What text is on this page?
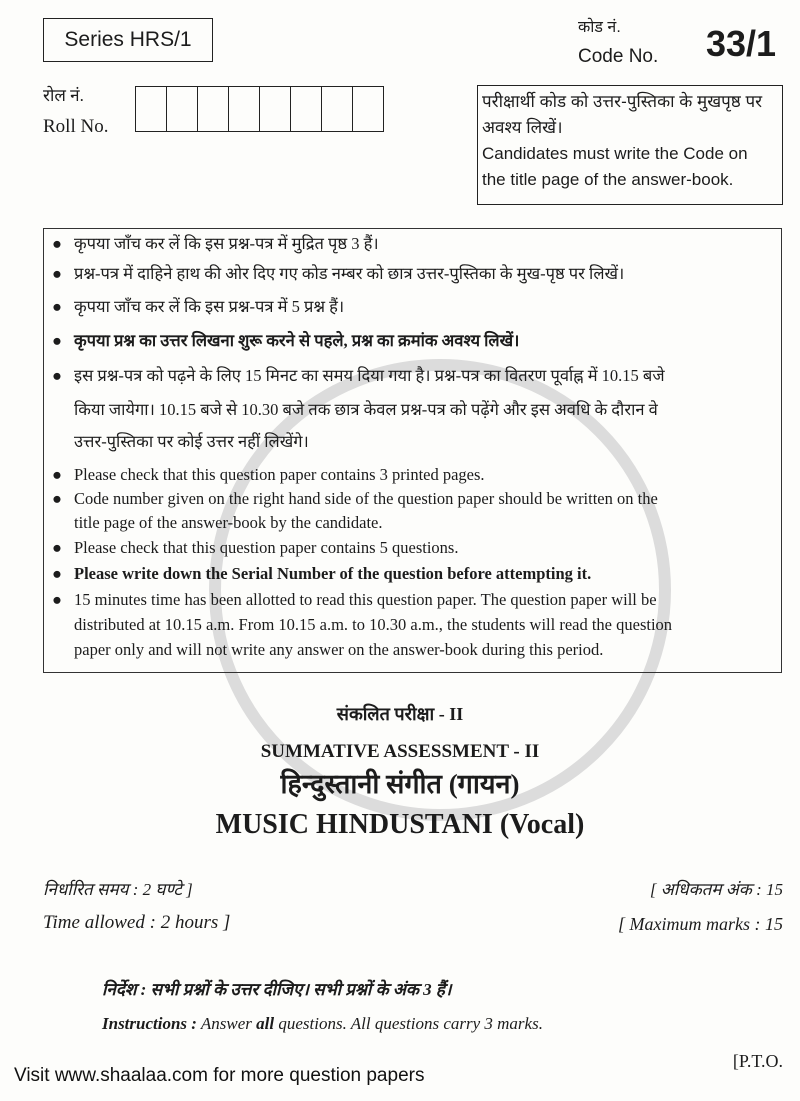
Series HRS/1
कोड नं.
Code No. 33/1
रोल नं.
Roll No.
परीक्षार्थी कोड को उत्तर-पुस्तिका के मुखपृष्ठ पर
अवश्य लिखें।
Candidates must write the Code on
the title page of the answer-book.
● कृपया जाँच कर लें कि इस प्रश्न-पत्र में मुद्रित पृष्ठ 3 हैं।
● प्रश्न-पत्र में दाहिने हाथ की ओर दिए गए कोड नम्बर को छात्र उत्तर-पुस्तिका के मुख-पृष्ठ पर लिखें।
● कृपया जाँच कर लें कि इस प्रश्न-पत्र में 5 प्रश्न हैं।
● कृपया प्रश्न का उत्तर लिखना शुरू करने से पहले, प्रश्न का क्रमांक अवश्य लिखें।
● इस प्रश्न-पत्र को पढ़ने के लिए 15 मिनट का समय दिया गया है। प्रश्न-पत्र का वितरण पूर्वाह्न में 10.15 बजे
किया जायेगा। 10.15 बजे से 10.30 बजे तक छात्र केवल प्रश्न-पत्र को पढ़ेंगे और इस अवधि के दौरान वे
उत्तर-पुस्तिका पर कोई उत्तर नहीं लिखेंगे।
● Please check that this question paper contains 3 printed pages.
● Code number given on the right hand side of the question paper should be written on the
title page of the answer-book by the candidate.
● Please check that this question paper contains 5 questions.
● Please write down the Serial Number of the question before attempting it.
● 15 minutes time has been allotted to read this question paper. The question paper will be
distributed at 10.15 a.m. From 10.15 a.m. to 10.30 a.m., the students will read the question
paper only and will not write any answer on the answer-book during this period.
संकलित परीक्षा - II
SUMMATIVE ASSESSMENT - II
हिन्दुस्तानी संगीत (गायन)
MUSIC HINDUSTANI (Vocal)
निर्धारित समय : 2 घण्टे ]	[ अधिकतम अंक : 15
Time allowed : 2 hours ]	[ Maximum marks : 15
निर्देश : सभी प्रश्नों के उत्तर दीजिए। सभी प्रश्नों के अंक 3 हैं।
Instructions : Answer all questions. All questions carry 3 marks.
[P.T.O.
Visit www.shaalaa.com for more question papers
